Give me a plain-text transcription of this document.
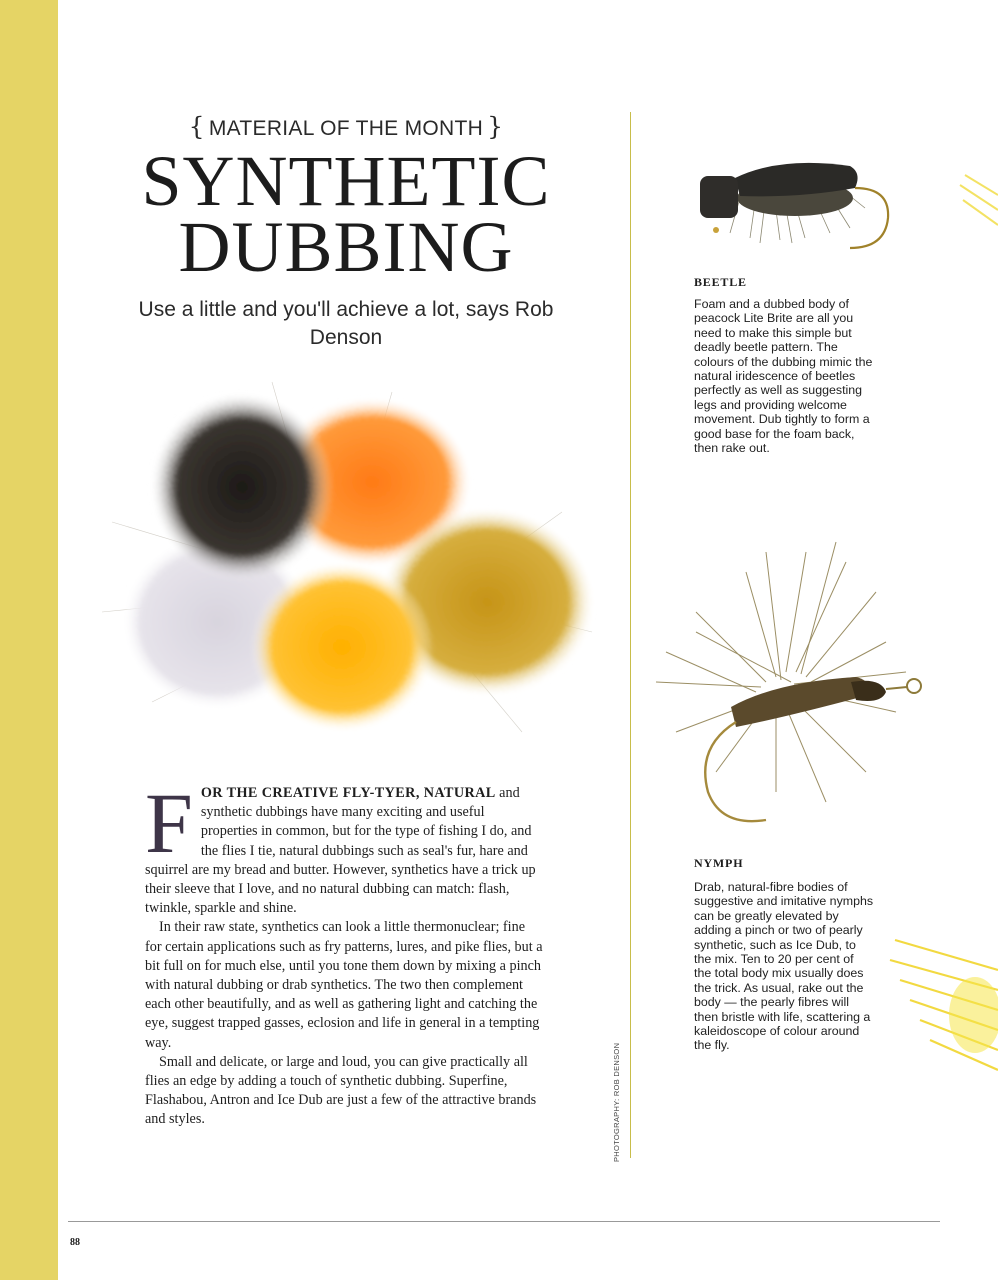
{ MATERIAL OF THE MONTH }
SYNTHETIC
DUBBING
Use a little and you'll achieve a lot, says Rob Denson

FOR THE CREATIVE FLY-TYER, NATURAL and synthetic dubbings have many exciting and useful properties in common, but for the type of fishing I do, and the flies I tie, natural dubbings such as seal's fur, hare and squirrel are my bread and butter. However, synthetics have a trick up their sleeve that I love, and no natural dubbing can match: flash, twinkle, sparkle and shine.

In their raw state, synthetics can look a little thermonuclear; fine for certain applications such as fry patterns, lures, and pike flies, but a bit full on for much else, until you tone them down by mixing a pinch with natural dubbing or drab synthetics. The two then complement each other beautifully, and as well as gathering light and catching the eye, suggest trapped gasses, eclosion and life in general in a tempting way.

Small and delicate, or large and loud, you can give practically all flies an edge by adding a touch of synthetic dubbing. Superfine, Flashabou, Antron and Ice Dub are just a few of the attractive brands and styles.	PHOTOGRAPHY: ROB DENSON
BEETLE
Foam and a dubbed body of peacock Lite Brite are all you need to make this simple but deadly beetle pattern. The colours of the dubbing mimic the natural iridescence of beetles perfectly as well as suggesting legs and providing welcome movement. Dub tightly to form a good base for the foam back, then rake out.
NYMPH
Drab, natural-fibre bodies of suggestive and imitative nymphs can be greatly elevated by adding a pinch or two of pearly synthetic, such as Ice Dub, to the mix. Ten to 20 per cent of the total body mix usually does the trick. As usual, rake out the body — the pearly fibres will then bristle with life, scattering a kaleidoscope of colour around the fly.
88
